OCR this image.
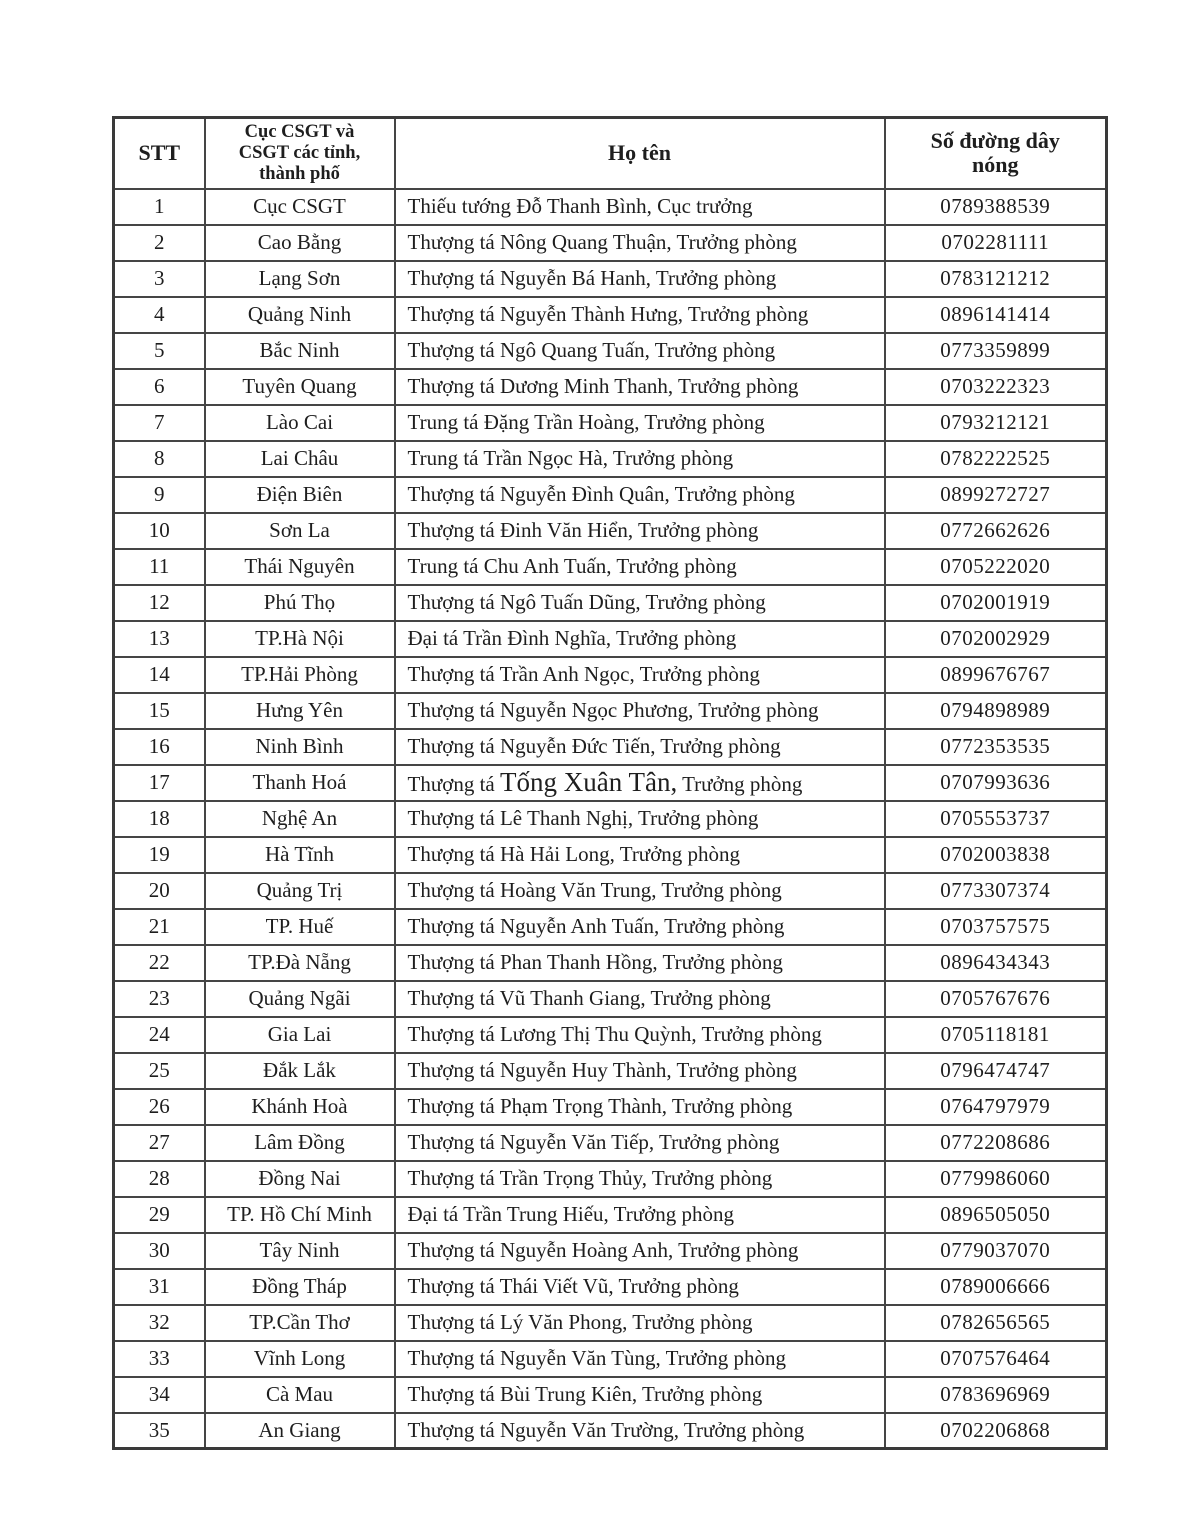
STT	Cục CSGT và
CSGT các tỉnh,
thành phố	Họ tên	Số đường dây
nóng

1	Cục CSGT	Thiếu tướng Đỗ Thanh Bình, Cục trưởng	0789388539
2	Cao Bằng	Thượng tá Nông Quang Thuận, Trưởng phòng	0702281111
3	Lạng Sơn	Thượng tá Nguyễn Bá Hanh, Trưởng phòng	0783121212
4	Quảng Ninh	Thượng tá Nguyễn Thành Hưng, Trưởng phòng	0896141414
5	Bắc Ninh	Thượng tá Ngô Quang Tuấn, Trưởng phòng	0773359899
6	Tuyên Quang	Thượng tá Dương Minh Thanh, Trưởng phòng	0703222323
7	Lào Cai	Trung tá Đặng Trần Hoàng, Trưởng phòng	0793212121
8	Lai Châu	Trung tá Trần Ngọc Hà, Trưởng phòng	0782222525
9	Điện Biên	Thượng tá Nguyễn Đình Quân, Trưởng phòng	0899272727
10	Sơn La	Thượng tá Đinh Văn Hiển, Trưởng phòng	0772662626
11	Thái Nguyên	Trung tá Chu Anh Tuấn, Trưởng phòng	0705222020
12	Phú Thọ	Thượng tá Ngô Tuấn Dũng, Trưởng phòng	0702001919
13	TP.Hà Nội	Đại tá Trần Đình Nghĩa, Trưởng phòng	0702002929
14	TP.Hải Phòng	Thượng tá Trần Anh Ngọc, Trưởng phòng	0899676767
15	Hưng Yên	Thượng tá Nguyễn Ngọc Phương, Trưởng phòng	0794898989
16	Ninh Bình	Thượng tá Nguyễn Đức Tiến, Trưởng phòng	0772353535
17	Thanh Hoá	Thượng tá Tống Xuân Tân, Trưởng phòng	0707993636
18	Nghệ An	Thượng tá Lê Thanh Nghị, Trưởng phòng	0705553737
19	Hà Tĩnh	Thượng tá Hà Hải Long, Trưởng phòng	0702003838
20	Quảng Trị	Thượng tá Hoàng Văn Trung, Trưởng phòng	0773307374
21	TP. Huế	Thượng tá Nguyễn Anh Tuấn, Trưởng phòng	0703757575
22	TP.Đà Nẵng	Thượng tá Phan Thanh Hồng, Trưởng phòng	0896434343
23	Quảng Ngãi	Thượng tá Vũ Thanh Giang, Trưởng phòng	0705767676
24	Gia Lai	Thượng tá Lương Thị Thu Quỳnh, Trưởng phòng	0705118181
25	Đắk Lắk	Thượng tá Nguyễn Huy Thành, Trưởng phòng	0796474747
26	Khánh Hoà	Thượng tá Phạm Trọng Thành, Trưởng phòng	0764797979
27	Lâm Đồng	Thượng tá Nguyễn Văn Tiếp, Trưởng phòng	0772208686
28	Đồng Nai	Thượng tá Trần Trọng Thủy, Trưởng phòng	0779986060
29	TP. Hồ Chí Minh	Đại tá Trần Trung Hiếu, Trưởng phòng	0896505050
30	Tây Ninh	Thượng tá Nguyễn Hoàng Anh, Trưởng phòng	0779037070
31	Đồng Tháp	Thượng tá Thái Viết Vũ, Trưởng phòng	0789006666
32	TP.Cần Thơ	Thượng tá Lý Văn Phong, Trưởng phòng	0782656565
33	Vĩnh Long	Thượng tá Nguyễn Văn Tùng, Trưởng phòng	0707576464
34	Cà Mau	Thượng tá Bùi Trung Kiên, Trưởng phòng	0783696969
35	An Giang	Thượng tá Nguyễn Văn Trường, Trưởng phòng	0702206868
